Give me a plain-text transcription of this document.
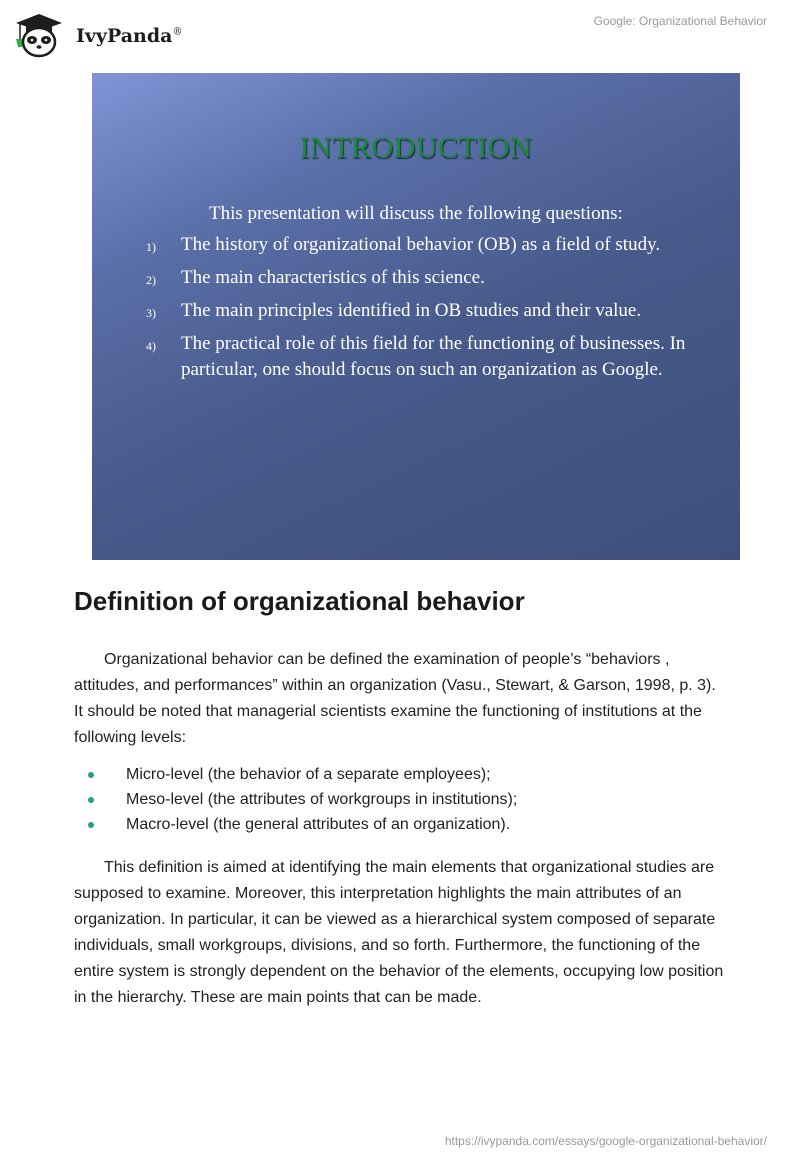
IvyPanda®
Google: Organizational Behavior
INTRODUCTION
This presentation will discuss the following questions:
1) The history of organizational behavior (OB) as a field of study.
2) The main characteristics of this science.
3) The main principles identified in OB studies and their value.
4) The practical role of this field for the functioning of businesses. In particular, one should focus on such an organization as Google.
Definition of organizational behavior

Organizational behavior can be defined the examination of people’s “behaviors , attitudes, and performances” within an organization (Vasu., Stewart, & Garson, 1998, p. 3). It should be noted that managerial scientists examine the functioning of institutions at the following levels:

Micro-level (the behavior of a separate employees);
Meso-level (the attributes of workgroups in institutions);
Macro-level (the general attributes of an organization).

This definition is aimed at identifying the main elements that organizational studies are supposed to examine. Moreover, this interpretation highlights the main attributes of an organization. In particular, it can be viewed as a hierarchical system composed of separate individuals, small workgroups, divisions, and so forth. Furthermore, the functioning of the entire system is strongly dependent on the behavior of the elements, occupying low position in the hierarchy. These are main points that can be made.

https://ivypanda.com/essays/google-organizational-behavior/
